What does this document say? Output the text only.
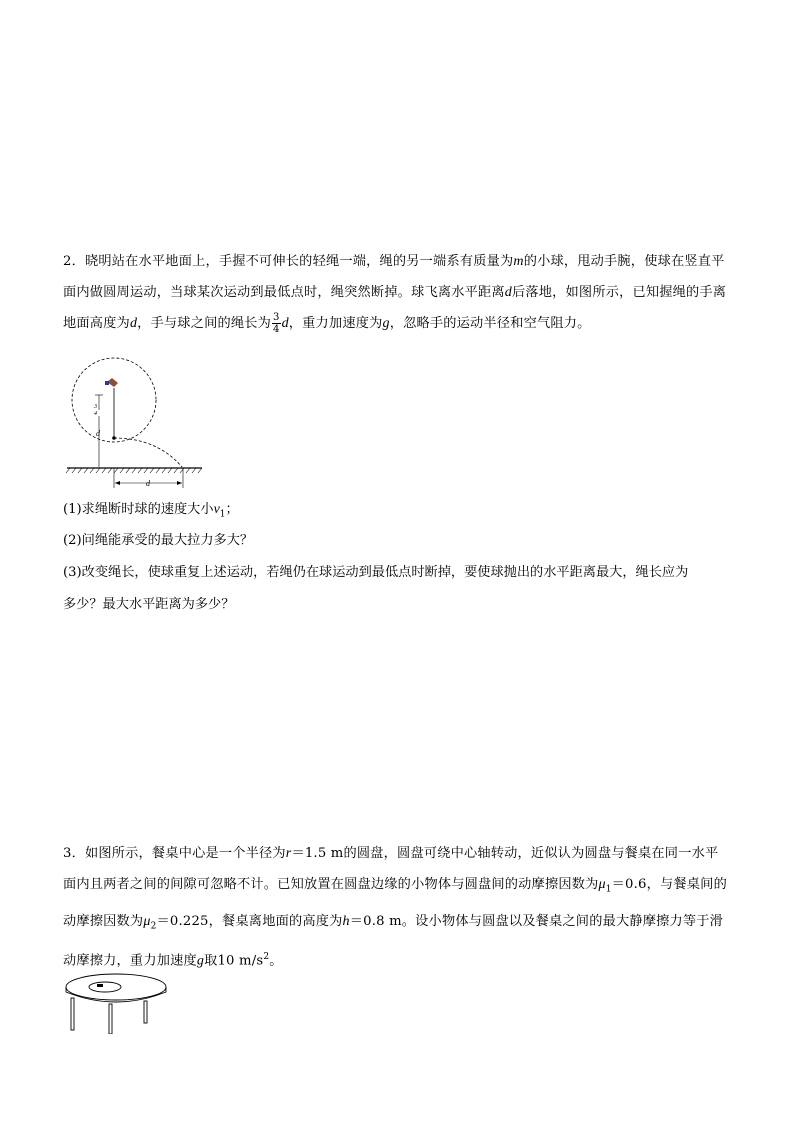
2．晓明站在水平地面上，手握不可伸长的轻绳一端，绳的另一端系有质量为m的小球，甩动手腕，使球在竖直平面内做圆周运动，当球某次运动到最低点时，绳突然断掉。球飞离水平距离d后落地，如图所示，已知握绳的手离地面高度为d，手与球之间的绳长为 $\frac{3}{4}$ d，重力加速度为g，忽略手的运动半径和空气阻力。
3
4
d
d
(1)求绳断时球的速度大小$v_1$；
(2)问绳能承受的最大拉力多大？
(3)改变绳长，使球重复上述运动，若绳仍在球运动到最低点时断掉，要使球抛出的水平距离最大，绳长应为
多少？最大水平距离为多少？
3．如图所示，餐桌中心是一个半径为r＝1.5 m的圆盘，圆盘可绕中心轴转动，近似认为圆盘与餐桌在同一水平面内且两者之间的间隙可忽略不计。已知放置在圆盘边缘的小物体与圆盘间的动摩擦因数为$\mu_1=0.6$，与餐桌间的动摩擦因数为$\mu_2=0.225$，餐桌离地面的高度为h＝0.8 m。设小物体与圆盘以及餐桌之间的最大静摩擦力等于滑动摩擦力，重力加速度g取10 $m/s^2$。
